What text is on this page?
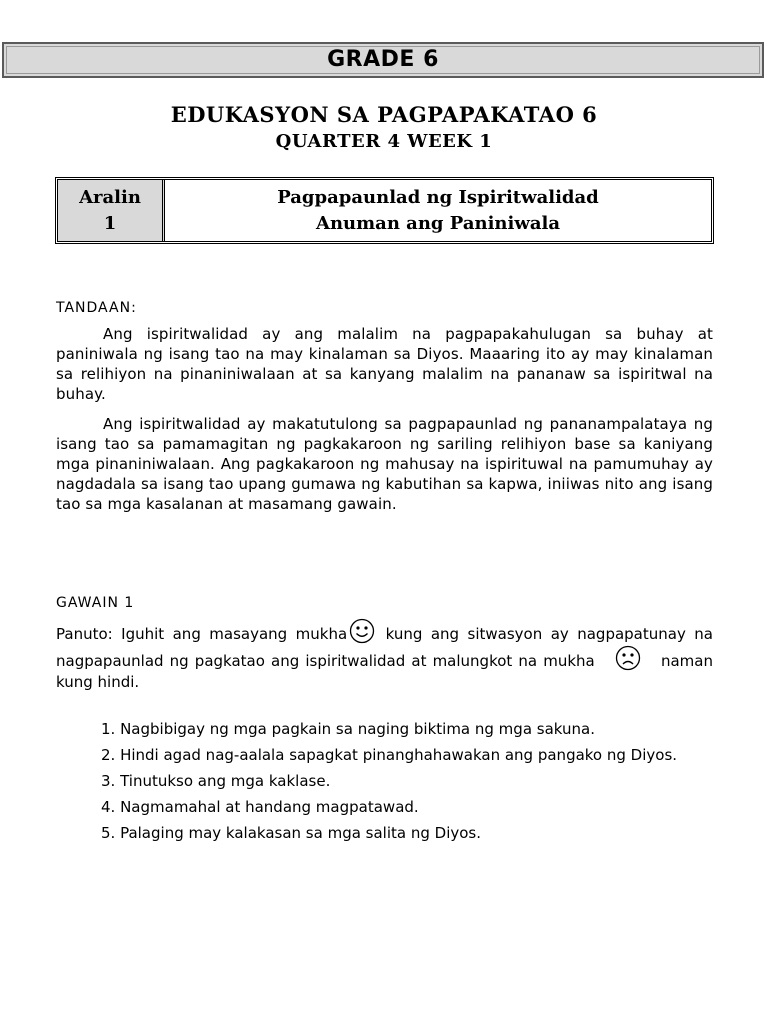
GRADE 6
EDUKASYON SA PAGPAPAKATAO 6
QUARTER 4 WEEK 1
Aralin
1
Pagpapaunlad ng Ispiritwalidad
Anuman ang Paniniwala
TANDAAN:

Ang ispiritwalidad ay ang malalim na pagpapakahulugan sa buhay at paniniwala ng isang tao na may kinalaman sa Diyos. Maaaring ito ay may kinalaman sa relihiyon na pinaniniwalaan at sa kanyang malalim na pananaw sa ispiritwal na buhay.

Ang ispiritwalidad ay makatutulong sa pagpapaunlad ng pananampalataya ng isang tao sa pamamagitan ng pagkakaroon ng sariling relihiyon base sa kaniyang mga pinaniniwalaan. Ang pagkakaroon ng mahusay na ispirituwal na pamumuhay ay nagdadala sa isang tao upang gumawa ng kabutihan sa kapwa, iniiwas nito ang isang tao sa mga kasalanan at masamang gawain.

GAWAIN 1

Panuto: Iguhit ang masayang mukha	kung ang sitwasyon ay nagpapatunay na nagpapaunlad ng pagkatao ang ispiritwalidad at malungkot na mukha	naman kung hindi.

1. Nagbibigay ng mga pagkain sa naging biktima ng mga sakuna.
2. Hindi agad nag-aalala sapagkat pinanghahawakan ang pangako ng Diyos.
3. Tinutukso ang mga kaklase.
4. Nagmamahal at handang magpatawad.
5. Palaging may kalakasan sa mga salita ng Diyos.
